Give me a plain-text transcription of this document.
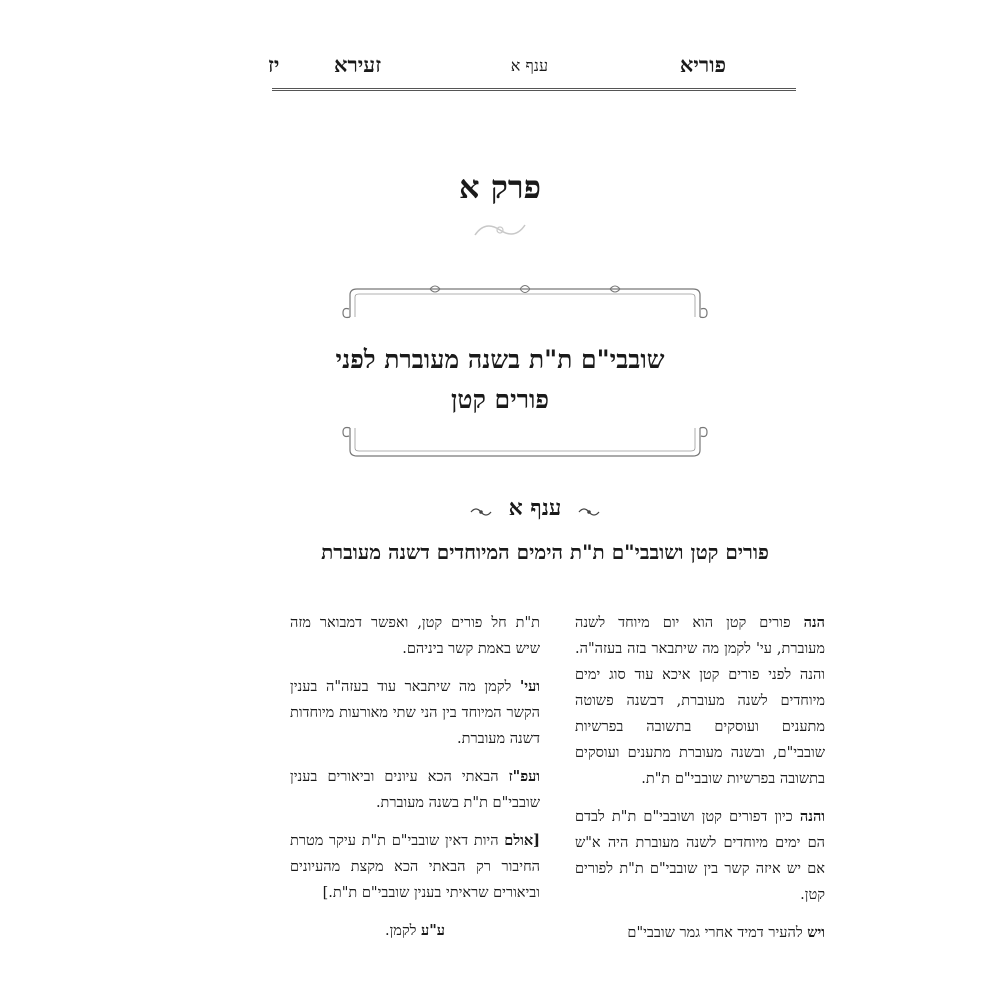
פוריא
ענף א
זעירא
יז
פרק א
שובבי"ם ת"ת בשנה מעוברת לפני
פורים קטן
ענף א
פורים קטן ושובבי"ם ת"ת הימים המיוחדים דשנה מעוברת

הנה פורים קטן הוא יום מיוחד לשנה מעוברת, עי' לקמן מה שיתבאר בזה בעזה"ה. והנה לפני פורים קטן איכא עוד סוג ימים מיוחדים לשנה מעוברת, דבשנה פשוטה מתענים ועוסקים בתשובה בפרשיות שובבי"ם, ובשנה מעוברת מתענים ועוסקים בתשובה בפרשיות שובבי"ם ת"ת.

והנה כיון דפורים קטן ושובבי"ם ת"ת לבדם הם ימים מיוחדים לשנה מעוברת היה א"ש אם יש איזה קשר בין שובבי"ם ת"ת לפורים קטן.

ויש להעיר דמיד אחרי גמר שובבי"ם

ת"ת חל פורים קטן, ואפשר דמבואר מזה שיש באמת קשר ביניהם.

ועי' לקמן מה שיתבאר עוד בעזה"ה בענין הקשר המיוחד בין הני שתי מאורעות מיוחדות דשנה מעוברת.

ועפ"ז הבאתי הכא עיונים וביאורים בענין שובבי"ם ת"ת בשנה מעוברת.

[אולם היות דאין שובבי"ם ת"ת עיקר מטרת החיבור רק הבאתי הכא מקצת מהעיונים וביאורים שראיתי בענין שובבי"ם ת"ת.]

ע"ע לקמן.
